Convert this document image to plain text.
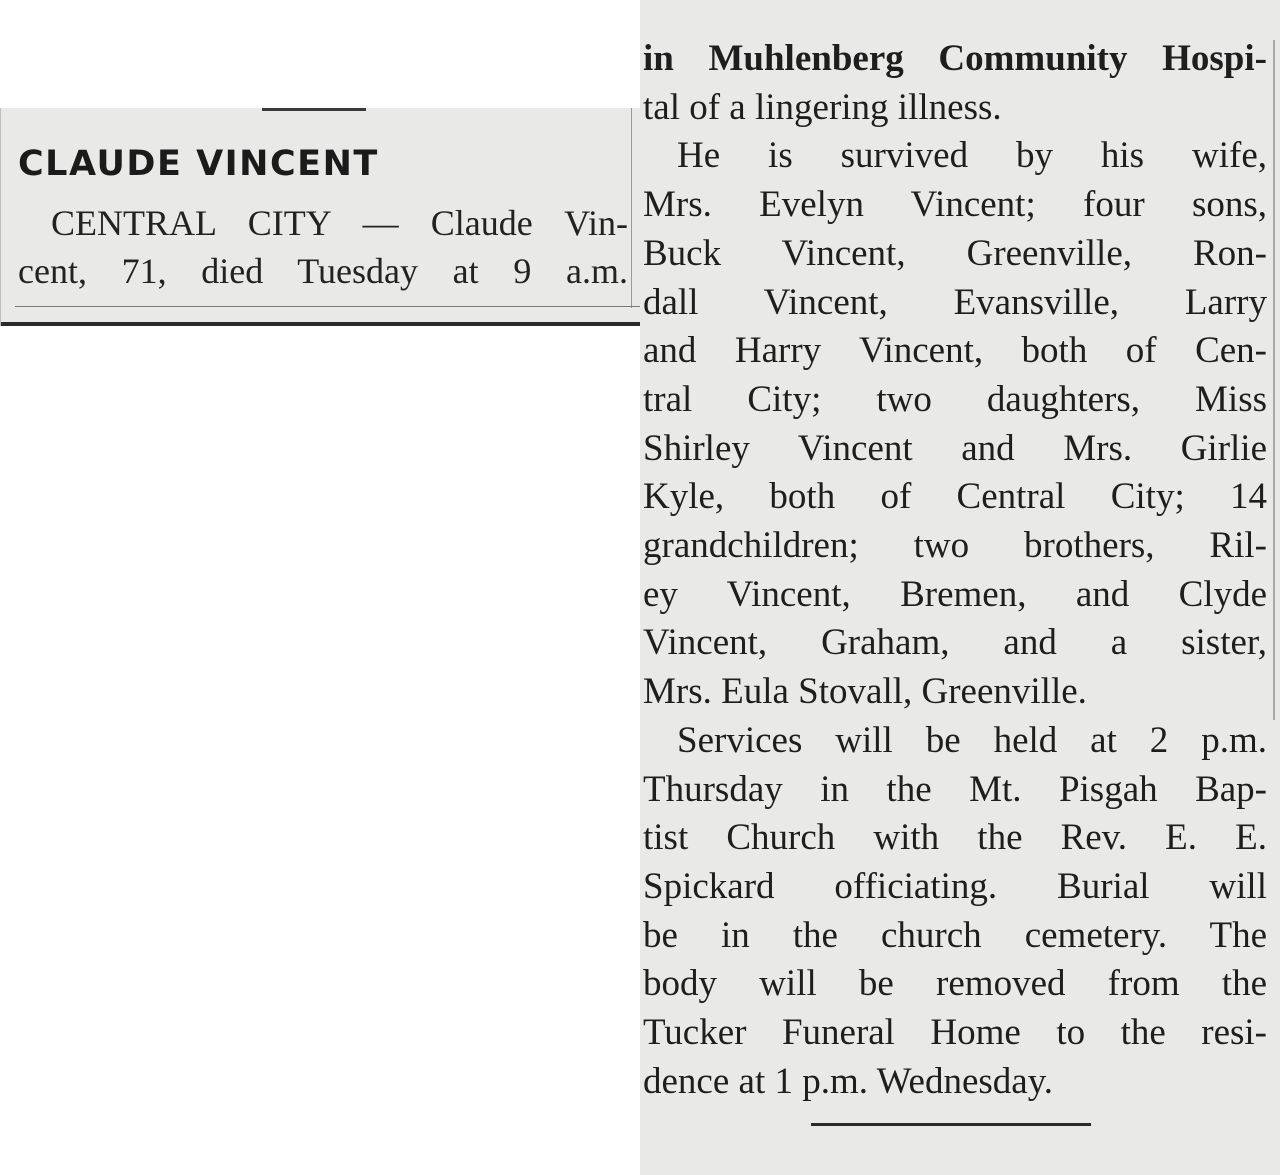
CLAUDE VINCENT

CENTRAL CITY — Claude Vin-
cent, 71, died Tuesday at 9 a.m.

in Muhlenberg Community Hospi-
tal of a lingering illness.
He is survived by his wife,
Mrs. Evelyn Vincent; four sons,
Buck Vincent, Greenville, Ron-
dall Vincent, Evansville, Larry
and Harry Vincent, both of Cen-
tral City; two daughters, Miss
Shirley Vincent and Mrs. Girlie
Kyle, both of Central City; 14
grandchildren; two brothers, Ril-
ey Vincent, Bremen, and Clyde
Vincent, Graham, and a sister,
Mrs. Eula Stovall, Greenville.
Services will be held at 2 p.m.
Thursday in the Mt. Pisgah Bap-
tist Church with the Rev. E. E.
Spickard officiating. Burial will
be in the church cemetery. The
body will be removed from the
Tucker Funeral Home to the resi-
dence at 1 p.m. Wednesday.
